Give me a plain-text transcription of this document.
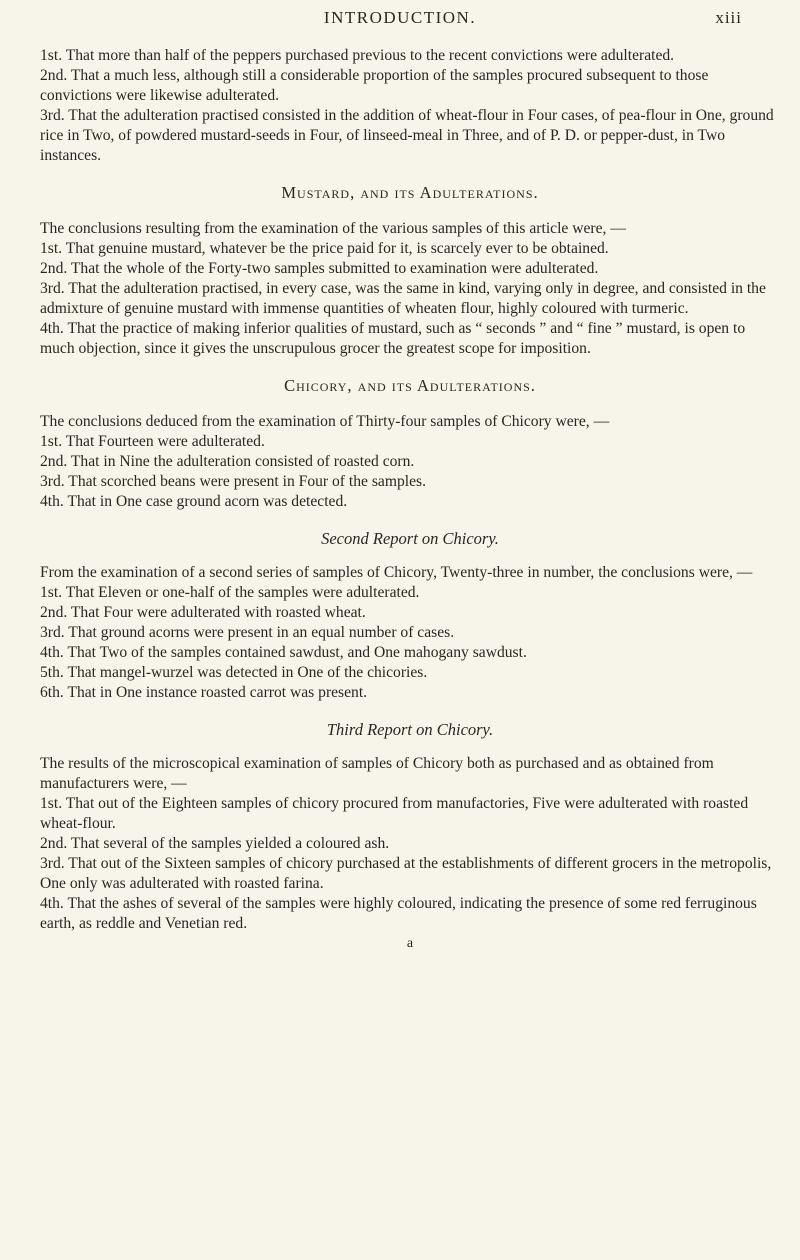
INTRODUCTION.	xiii

1st. That more than half of the peppers purchased previous to the recent convictions were adulterated.

2nd. That a much less, although still a considerable proportion of the samples procured subsequent to those convictions were likewise adulterated.

3rd. That the adulteration practised consisted in the addition of wheat-flour in Four cases, of pea-flour in One, ground rice in Two, of powdered mustard-seeds in Four, of linseed-meal in Three, and of P. D. or pepper-dust, in Two instances.

Mustard, and its Adulterations.

The conclusions resulting from the examination of the various samples of this article were, —

1st. That genuine mustard, whatever be the price paid for it, is scarcely ever to be obtained.

2nd. That the whole of the Forty-two samples submitted to examination were adulterated.

3rd. That the adulteration practised, in every case, was the same in kind, varying only in degree, and consisted in the admixture of genuine mustard with immense quantities of wheaten flour, highly coloured with turmeric.

4th. That the practice of making inferior qualities of mustard, such as “ seconds ” and “ fine ” mustard, is open to much objection, since it gives the unscrupulous grocer the greatest scope for imposition.

Chicory, and its Adulterations.

The conclusions deduced from the examination of Thirty-four samples of Chicory were, —

1st. That Fourteen were adulterated.

2nd. That in Nine the adulteration consisted of roasted corn.

3rd. That scorched beans were present in Four of the samples.

4th. That in One case ground acorn was detected.

Second Report on Chicory.

From the examination of a second series of samples of Chicory, Twenty-three in number, the conclusions were, —

1st. That Eleven or one-half of the samples were adulterated.

2nd. That Four were adulterated with roasted wheat.

3rd. That ground acorns were present in an equal number of cases.

4th. That Two of the samples contained sawdust, and One mahogany sawdust.

5th. That mangel-wurzel was detected in One of the chicories.

6th. That in One instance roasted carrot was present.

Third Report on Chicory.

The results of the microscopical examination of samples of Chicory both as purchased and as obtained from manufacturers were, —

1st. That out of the Eighteen samples of chicory procured from manufactories, Five were adulterated with roasted wheat-flour.

2nd. That several of the samples yielded a coloured ash.

3rd. That out of the Sixteen samples of chicory purchased at the establishments of different grocers in the metropolis, One only was adulterated with roasted farina.

4th. That the ashes of several of the samples were highly coloured, indicating the presence of some red ferruginous earth, as reddle and Venetian red.

a
